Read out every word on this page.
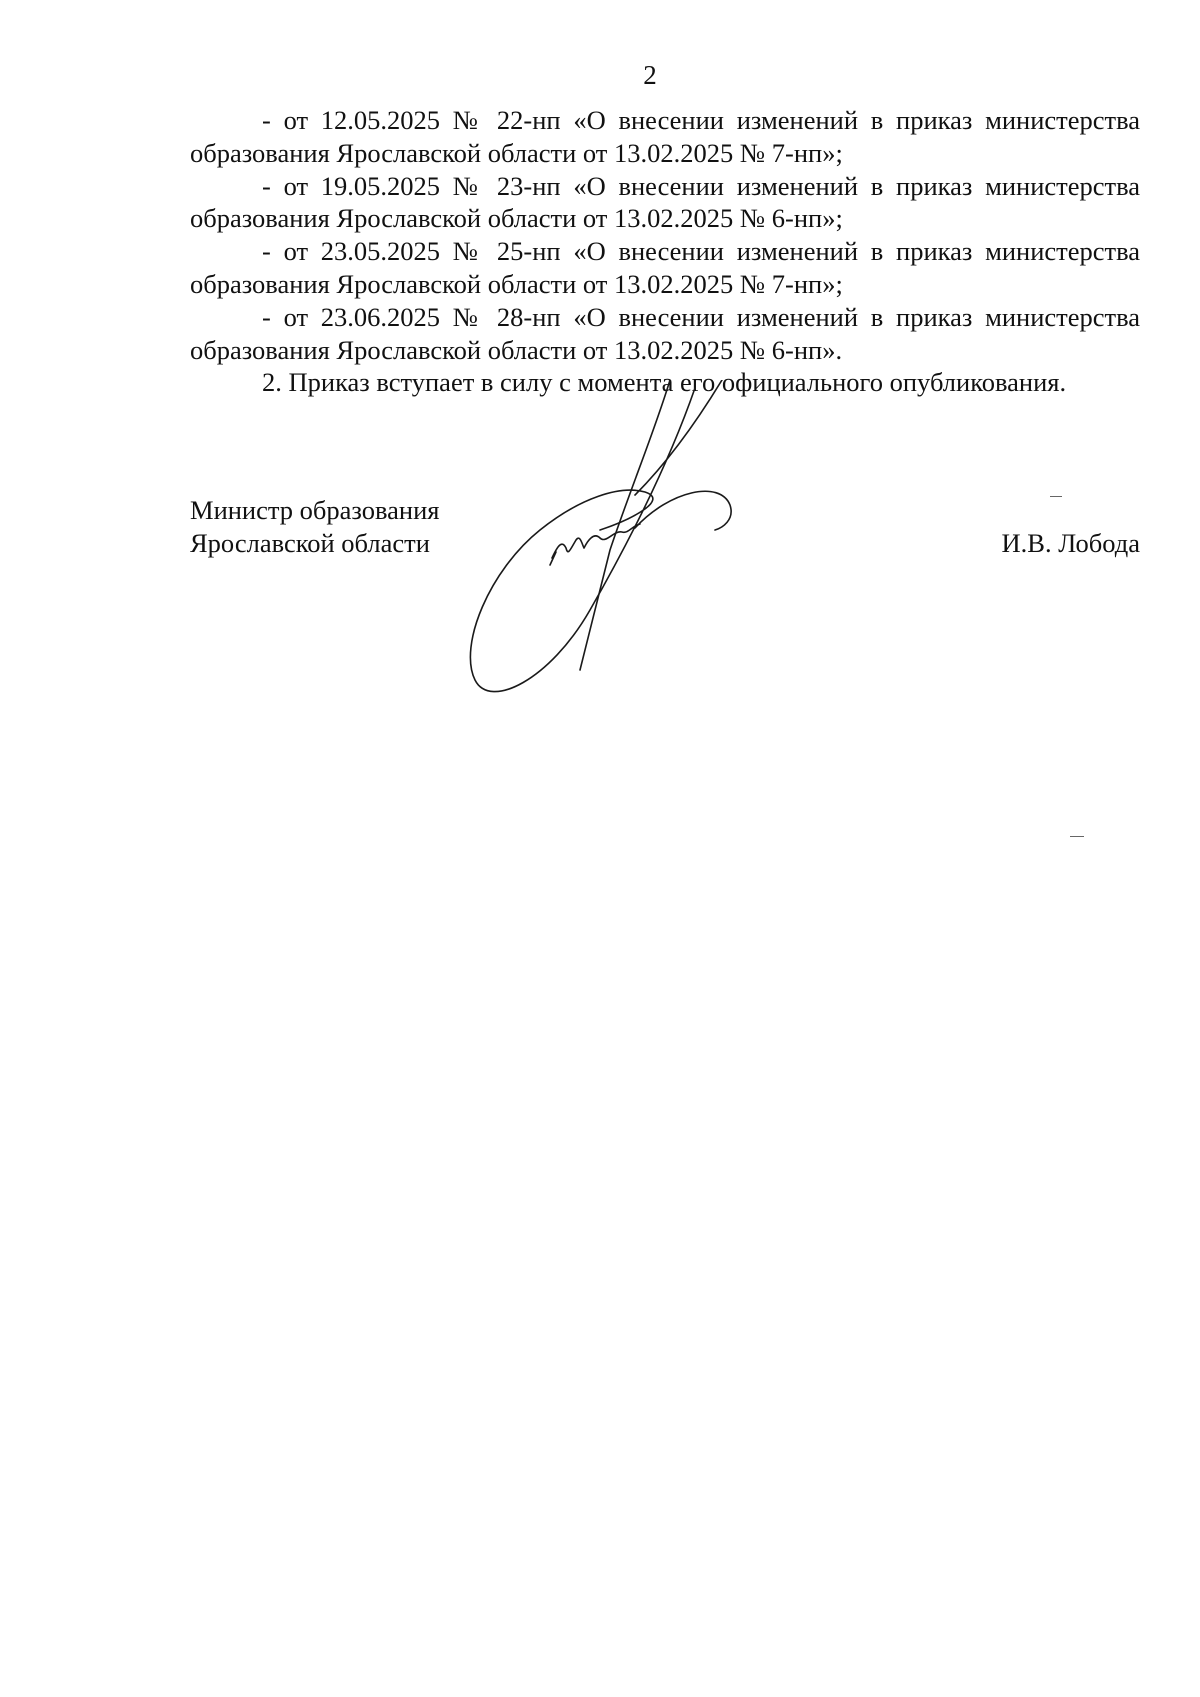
2
- от 12.05.2025 № 22-нп «О внесении изменений в приказ министерства
образования Ярославской области от 13.02.2025 № 7-нп»;
- от 19.05.2025 № 23-нп «О внесении изменений в приказ министерства
образования Ярославской области от 13.02.2025 № 6-нп»;
- от 23.05.2025 № 25-нп «О внесении изменений в приказ министерства
образования Ярославской области от 13.02.2025 № 7-нп»;
- от 23.06.2025 № 28-нп «О внесении изменений в приказ министерства
образования Ярославской области от 13.02.2025 № 6-нп».

2. Приказ вступает в силу с момента его официального опубликования.

Министр образования
Ярославской области	И.В. Лобода
